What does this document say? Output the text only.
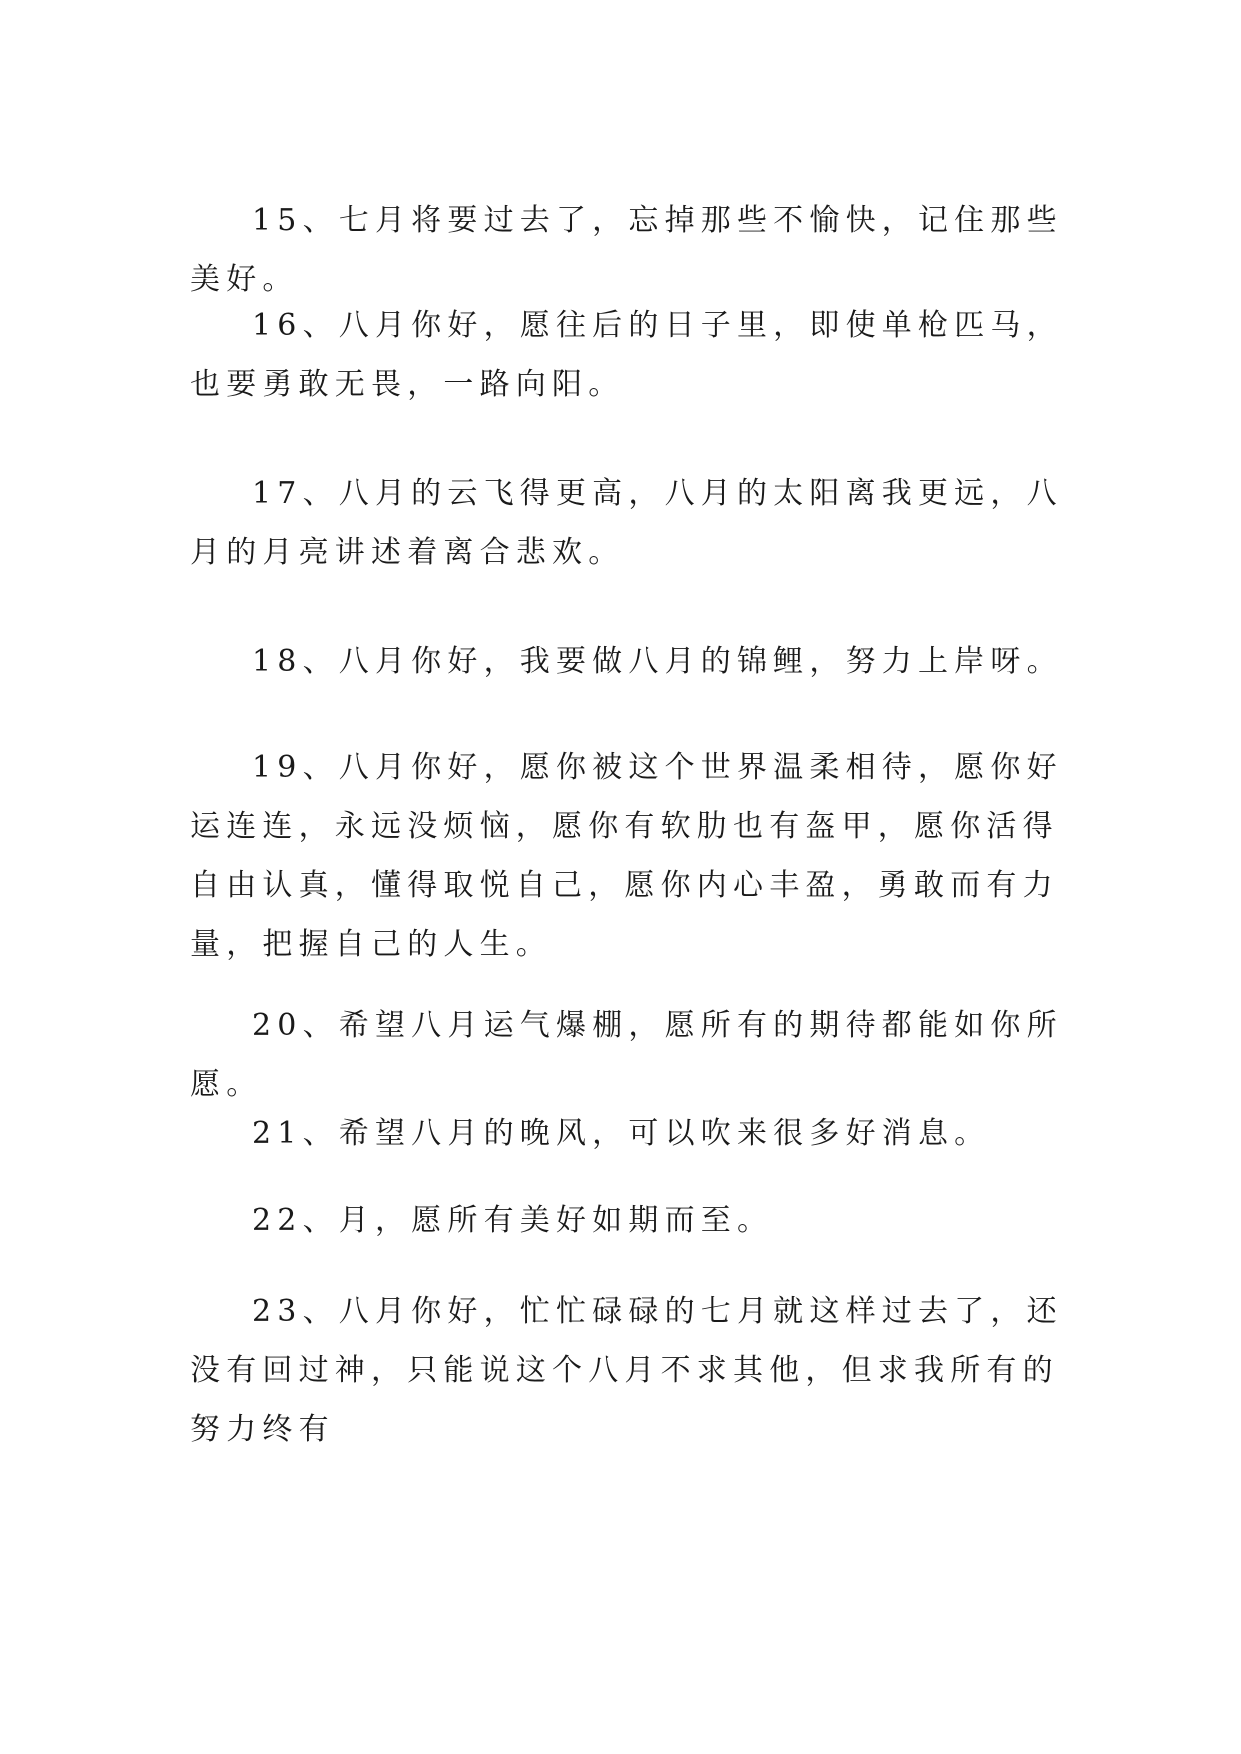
15、七月将要过去了，忘掉那些不愉快，记住那些美好。

16、八月你好，愿往后的日子里，即使单枪匹马，也要勇敢无畏，一路向阳。

17、八月的云飞得更高，八月的太阳离我更远，八月的月亮讲述着离合悲欢。

18、八月你好，我要做八月的锦鲤，努力上岸呀。

19、八月你好，愿你被这个世界温柔相待，愿你好运连连，永远没烦恼，愿你有软肋也有盔甲，愿你活得自由认真，懂得取悦自己，愿你内心丰盈，勇敢而有力量，把握自己的人生。

20、希望八月运气爆棚，愿所有的期待都能如你所愿。

21、希望八月的晚风，可以吹来很多好消息。

22、月，愿所有美好如期而至。

23、八月你好，忙忙碌碌的七月就这样过去了，还没有回过神，只能说这个八月不求其他，但求我所有的努力终有
